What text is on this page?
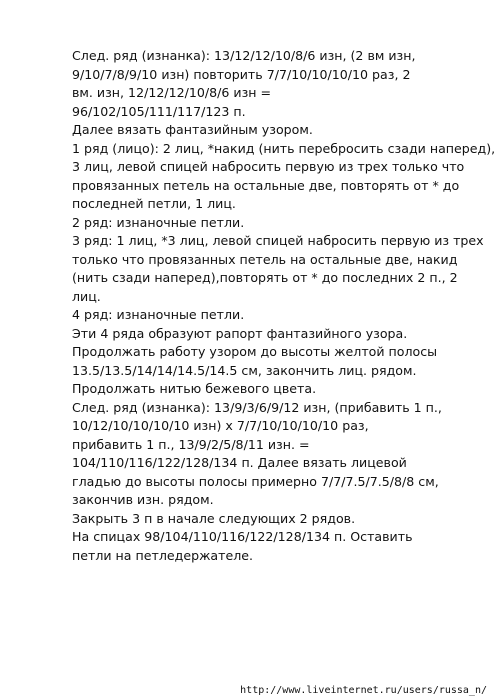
След. ряд (изнанка): 13/12/12/10/8/6 изн, (2 вм изн,
9/10/7/8/9/10 изн) повторить 7/7/10/10/10/10 раз, 2
вм. изн, 12/12/12/10/8/6 изн =
96/102/105/111/117/123 п.
Далее вязать фантазийным узором.
1 ряд (лицо): 2 лиц, *накид (нить перебросить сзади наперед),
3 лиц, левой спицей набросить первую из трех только что
провязанных петель на остальные две, повторять от * до
последней петли, 1 лиц.
2 ряд: изнаночные петли.
3 ряд: 1 лиц, *3 лиц, левой спицей набросить первую из трех
только что провязанных петель на остальные две, накид
(нить сзади наперед),повторять от * до последних 2 п., 2
лиц.
4 ряд: изнаночные петли.
Эти 4 ряда образуют рапорт фантазийного узора.
Продолжать работу узором до высоты желтой полосы
13.5/13.5/14/14/14.5/14.5 см, закончить лиц. рядом.
Продолжать нитью бежевого цвета.
След. ряд (изнанка): 13/9/3/6/9/12 изн, (прибавить 1 п.,
10/12/10/10/10/10 изн) х 7/7/10/10/10/10 раз,
прибавить 1 п., 13/9/2/5/8/11 изн. =
104/110/116/122/128/134 п. Далее вязать лицевой
гладью до высоты полосы примерно 7/7/7.5/7.5/8/8 см,
закончив изн. рядом.
Закрыть 3 п в начале следующих 2 рядов.
На спицах 98/104/110/116/122/128/134 п. Оставить
петли на петледержателе.
http://www.liveinternet.ru/users/russa_n/
